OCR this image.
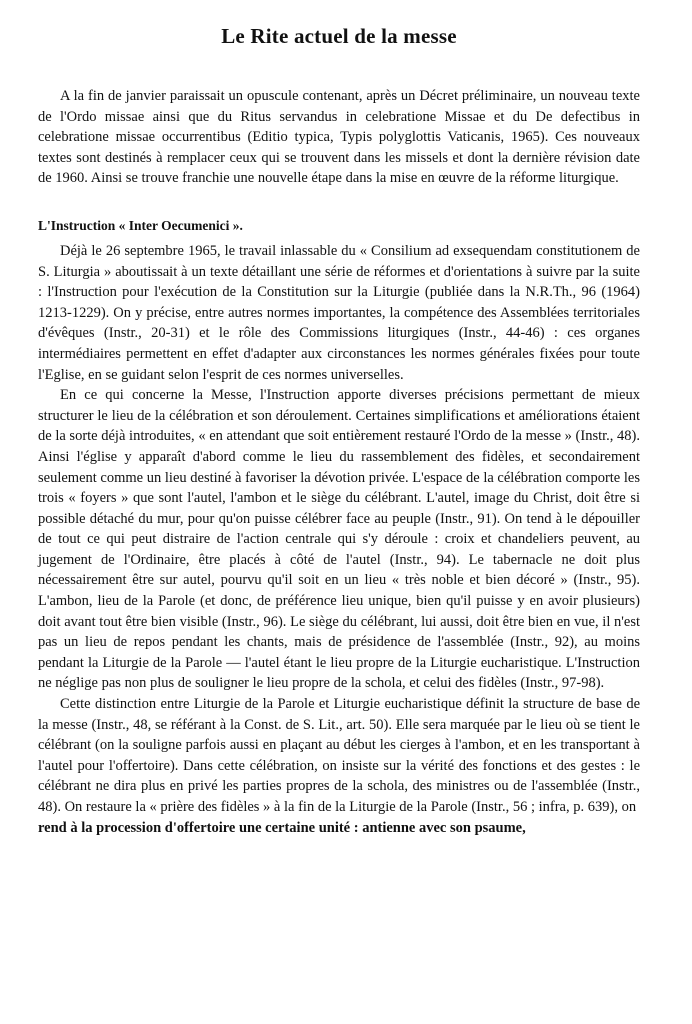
Le Rite actuel de la messe

A la fin de janvier paraissait un opuscule contenant, après un Décret préliminaire, un nouveau texte de l'Ordo missae ainsi que du Ritus servandus in celebratione Missae et du De defectibus in celebratione missae occurrentibus (Editio typica, Typis polyglottis Vaticanis, 1965). Ces nouveaux textes sont destinés à remplacer ceux qui se trouvent dans les missels et dont la dernière révision date de 1960. Ainsi se trouve franchie une nouvelle étape dans la mise en œuvre de la réforme liturgique.

L'Instruction « Inter Oecumenici ».

Déjà le 26 septembre 1965, le travail inlassable du « Consilium ad exsequendam constitutionem de S. Liturgia » aboutissait à un texte détaillant une série de réformes et d'orientations à suivre par la suite : l'Instruction pour l'exécution de la Constitution sur la Liturgie (publiée dans la N.R.Th., 96 (1964) 1213-1229). On y précise, entre autres normes importantes, la compétence des Assemblées territoriales d'évêques (Instr., 20-31) et le rôle des Commissions liturgiques (Instr., 44-46) : ces organes intermédiaires permettent en effet d'adapter aux circonstances les normes générales fixées pour toute l'Eglise, en se guidant selon l'esprit de ces normes universelles.

En ce qui concerne la Messe, l'Instruction apporte diverses précisions permettant de mieux structurer le lieu de la célébration et son déroulement. Certaines simplifications et améliorations étaient de la sorte déjà introduites, « en attendant que soit entièrement restauré l'Ordo de la messe » (Instr., 48). Ainsi l'église y apparaît d'abord comme le lieu du rassemblement des fidèles, et secondairement seulement comme un lieu destiné à favoriser la dévotion privée. L'espace de la célébration comporte les trois « foyers » que sont l'autel, l'ambon et le siège du célébrant. L'autel, image du Christ, doit être si possible détaché du mur, pour qu'on puisse célébrer face au peuple (Instr., 91). On tend à le dépouiller de tout ce qui peut distraire de l'action centrale qui s'y déroule : croix et chandeliers peuvent, au jugement de l'Ordinaire, être placés à côté de l'autel (Instr., 94). Le tabernacle ne doit plus nécessairement être sur autel, pourvu qu'il soit en un lieu « très noble et bien décoré » (Instr., 95). L'ambon, lieu de la Parole (et donc, de préférence lieu unique, bien qu'il puisse y en avoir plusieurs) doit avant tout être bien visible (Instr., 96). Le siège du célébrant, lui aussi, doit être bien en vue, il n'est pas un lieu de repos pendant les chants, mais de présidence de l'assemblée (Instr., 92), au moins pendant la Liturgie de la Parole — l'autel étant le lieu propre de la Liturgie eucharistique. L'Instruction ne néglige pas non plus de souligner le lieu propre de la schola, et celui des fidèles (Instr., 97-98).

Cette distinction entre Liturgie de la Parole et Liturgie eucharistique définit la structure de base de la messe (Instr., 48, se référant à la Const. de S. Lit., art. 50). Elle sera marquée par le lieu où se tient le célébrant (on la souligne parfois aussi en plaçant au début les cierges à l'ambon, et en les transportant à l'autel pour l'offertoire). Dans cette célébration, on insiste sur la vérité des fonctions et des gestes : le célébrant ne dira plus en privé les parties propres de la schola, des ministres ou de l'assemblée (Instr., 48). On restaure la « prière des fidèles » à la fin de la Liturgie de la Parole (Instr., 56 ; infra, p. 639), on

rend à la procession d'offertoire une certaine unité : antienne avec son psaume,
